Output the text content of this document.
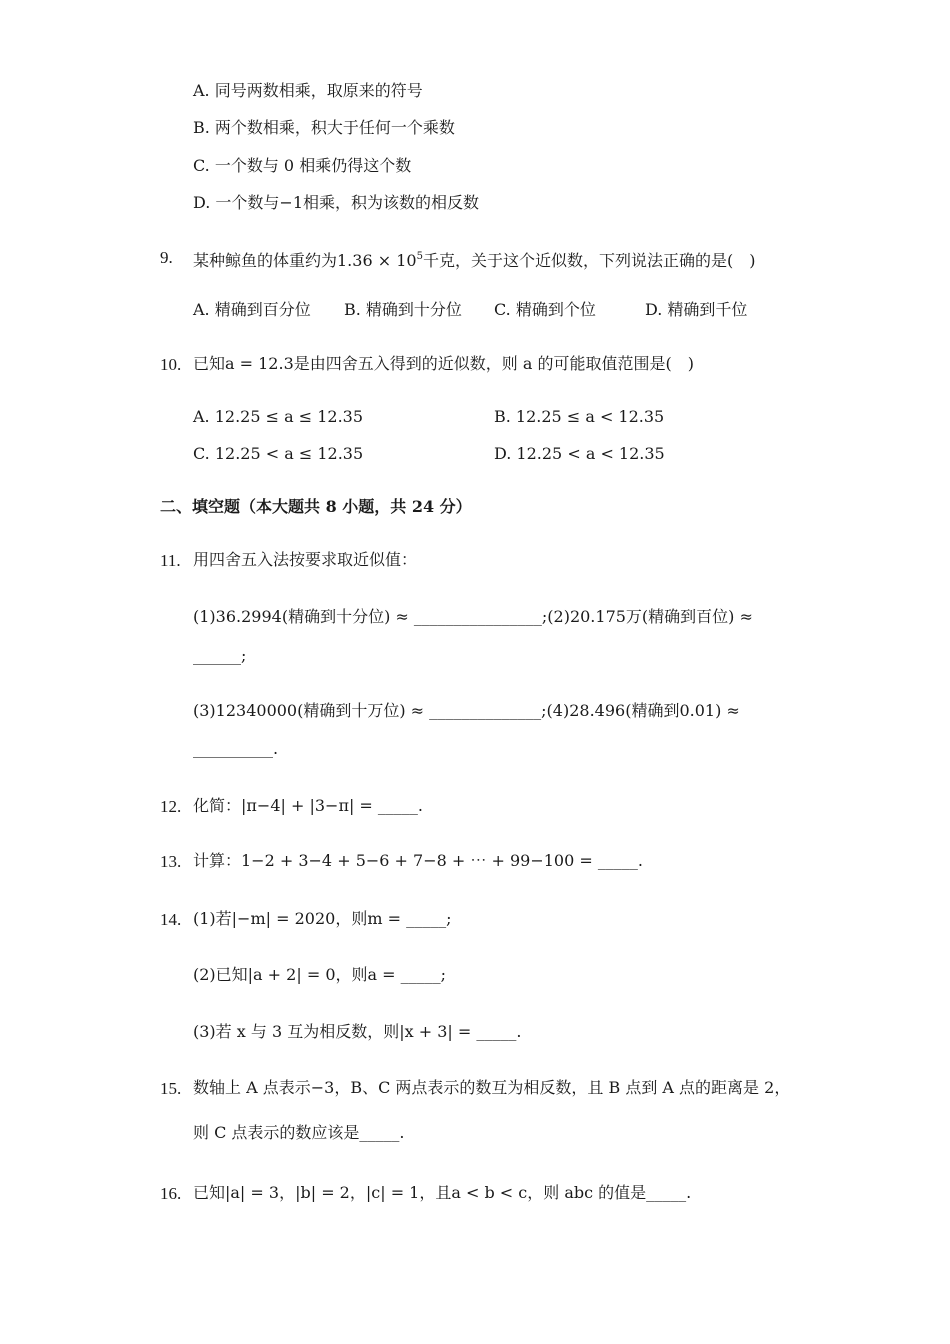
A. 同号两数相乘，取原来的符号
B. 两个数相乘，积大于任何一个乘数
C. 一个数与 0 相乘仍得这个数
D. 一个数与−1相乘，积为该数的相反数
9. 某种鲸鱼的体重约为$1.36 \times 10^5$千克，关于这个近似数，下列说法正确的是(　)
A. 精确到百分位 B. 精确到十分位 C. 精确到个位	D. 精确到千位
10. 已知a = 12.3是由四舍五入得到的近似数，则 a 的可能取值范围是(　)
A. 12.25 ≤ a ≤ 12.35	B. 12.25 ≤ a < 12.35
C. 12.25 < a ≤ 12.35	D. 12.25 < a < 12.35
二、填空题（本大题共 8 小题，共 24 分）
11. 用四舍五入法按要求取近似值：
(1)36.2994(精确到十分位) ≈ ________________;(2)20.175万(精确到百位) ≈
______;
(3)12340000(精确到十万位) ≈ ______________;(4)28.496(精确到0.01) ≈
__________.
12. 化简：|π−4| + |3−π| = _____.
13. 计算：1−2 + 3−4 + 5−6 + 7−8 + ⋯ + 99−100 = _____.
14. (1)若|−m| = 2020，则m = _____;
(2)已知|a + 2| = 0，则a = _____;
(3)若 x 与 3 互为相反数，则|x + 3| = _____.
15. 数轴上 A 点表示−3，B、C 两点表示的数互为相反数，且 B 点到 A 点的距离是 2，
则 C 点表示的数应该是_____.
16. 已知|a| = 3，|b| = 2，|c| = 1，且a < b < c，则 abc 的值是_____.
